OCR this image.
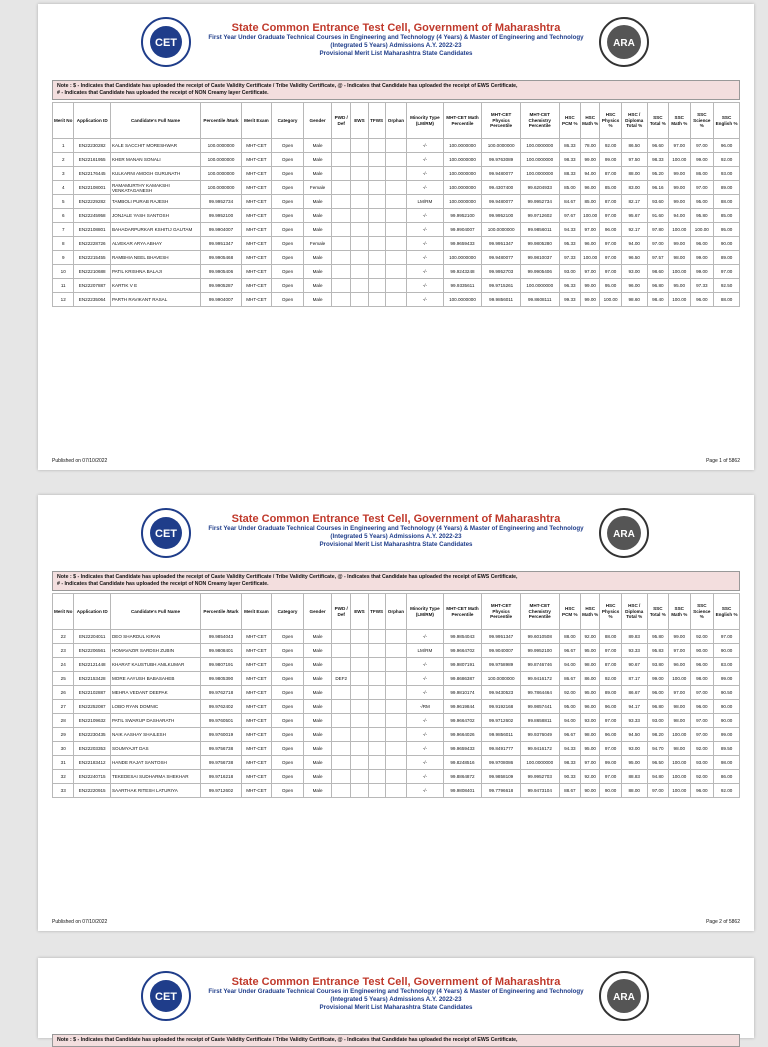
CET
State Common Entrance Test Cell, Government of Maharashtra
First Year Under Graduate Technical Courses in Engineering and Technology (4 Years) & Master of Engineering and Technology
(Integrated 5 Years) Admissions A.Y. 2022-23
Provisional Merit List Maharashtra State Candidates
ARA
Note : $ - Indicates that Candidate has uploaded the receipt of Caste Validity Certificate / Tribe Validity Certificate, @ - Indicates that Candidate has uploaded the receipt of EWS Certificate,
# - Indicates that Candidate has uploaded the receipt of NON Creamy layer Certificate.
Merit No	Application ID	Candidate's Full Name	Percentile /Mark	Merit Exam	Category	Gender	PWD / Def	EWS	TFWS	Orphan	Minority Type (LM/RM)	MHT-CET Math Percentile	MHT-CET Physics Percentile	MHT-CET Chemistry Percentile	HSC PCM %	HSC Math %	HSC Physics %	HSC / Diploma Total %	SSC Total %	SSC Math %	SSC Science %	SSC English %
1	EN22230282	KALE SACCHIT MORESHWAR	100.0000000	MHT-CET	Open	Male					-/-	100.0000000	100.0000000	100.0000000	86.33	78.00	92.00	86.50	96.60	97.00	97.00	96.00
2	EN22161955	KHER MANAN SONALI	100.0000000	MHT-CET	Open	Male					-/-	100.0000000	99.9763089	100.0000000	98.33	99.00	99.00	97.50	98.33	100.00	99.00	92.00
3	EN22176445	KULKARNI AMOGH GURUNATH	100.0000000	MHT-CET	Open	Male					-/-	100.0000000	99.9480077	100.0000000	88.33	94.00	87.00	88.00	95.20	99.00	86.00	93.00
4	EN22108001	RAMAMURTHY KAMAKSHI VENKATAGANESH	100.0000000	MHT-CET	Open	Female					-/-	100.0000000	99.4307400	99.6204933	85.00	96.00	85.00	83.00	96.16	99.00	97.00	89.00
5	EN22229282	TAMBOLI PURAB RAJESH	99.9952734	MHT-CET	Open	Male					LM/RM	100.0000000	99.9480077	99.9952734	84.67	85.00	87.00	82.17	93.60	99.00	95.00	88.00
6	EN22245958	JONJALE YASH SANTOSH	99.9952100	MHT-CET	Open	Male					-/-	99.9952100	99.9952100	99.9712602	97.67	100.00	97.00	95.67	91.60	94.00	95.80	85.00
7	EN22108801	BAHADARPURKAR KSHITIJ GAUTAM	99.9904007	MHT-CET	Open	Male					-/-	99.9904007	100.0000000	99.9856011	94.33	97.00	96.00	92.17	97.80	100.00	100.00	95.00
8	EN22228726	ALVEKAR ARYA ABHAY	99.9951347	MHT-CET	Open	Female					-/-	99.9659433	99.9951347	99.9805280	95.33	96.00	97.00	94.00	97.00	99.00	96.00	90.00
9	EN22215455	RAMBHIA NEEL BHAVESH	99.9905468	MHT-CET	Open	Male					-/-	100.0000000	99.9480077	99.9810037	97.33	100.00	97.00	96.50	97.57	98.00	99.00	89.00
10	EN22210688	PATIL KRISHNA BALAJI	99.9905406	MHT-CET	Open	Male					-/-	99.9243248	99.9952703	99.9905406	93.00	97.00	97.00	93.00	98.60	100.00	99.00	97.00
11	EN22207887	KARTIK V E	99.9905287	MHT-CET	Open	Male					-/-	99.9335611	99.9715261	100.0000000	96.33	99.00	95.00	96.00	96.80	95.00	97.33	92.50
12	EN22235064	PARTH RAVIKANT RASAL	99.9904007	MHT-CET	Open	Male					-/-	100.0000000	99.9856011	99.8608111	99.33	99.00	100.00	98.60	98.40	100.00	96.00	88.00
Published on 07/10/2022	Page 1 of 5862
CET
State Common Entrance Test Cell, Government of Maharashtra
First Year Under Graduate Technical Courses in Engineering and Technology (4 Years) & Master of Engineering and Technology
(Integrated 5 Years) Admissions A.Y. 2022-23
Provisional Merit List Maharashtra State Candidates
ARA
Note : $ - Indicates that Candidate has uploaded the receipt of Caste Validity Certificate / Tribe Validity Certificate, @ - Indicates that Candidate has uploaded the receipt of EWS Certificate,
# - Indicates that Candidate has uploaded the receipt of NON Creamy layer Certificate.
Merit No	Application ID	Candidate's Full Name	Percentile /Mark	Merit Exam	Category	Gender	PWD / Def	EWS	TFWS	Orphan	Minority Type (LM/RM)	MHT-CET Math Percentile	MHT-CET Physics Percentile	MHT-CET Chemistry Percentile	HSC PCM %	HSC Math %	HSC Physics %	HSC / Diploma Total %	SSC Total %	SSC Math %	SSC Science %	SSC English %
22	EN22204011	DEO SHARDUL KIRAN	99.9854043	MHT-CET	Open	Male					-/-	99.9854043	99.9951347	99.6010508	88.00	92.00	88.00	89.83	95.80	99.00	92.00	97.00
23	EN22206561	HOMAVAZIR SARDSH ZUBIN	99.9808401	MHT-CET	Open	Male					LM/RM	99.9664702	99.9040007	99.9952100	96.67	95.00	97.00	93.33	95.83	97.00	90.00	90.00
24	EN22121448	KHARAT KAUSTUBH ANILKUMAR	99.9807191	MHT-CET	Open	Male					-/-	99.9807191	99.9758989	99.8746746	94.00	98.00	87.00	90.67	93.80	96.00	96.00	83.00
25	EN22153428	MORE AAYUSH BABASAHEB	99.9805390	MHT-CET	Open	Male	DEF2				-/-	99.8686387	100.0000000	99.9416172	86.67	86.00	92.00	87.17	99.00	100.00	98.00	99.00
26	EN22102887	MEHRA VEDANT DEEPAK	99.9762718	MHT-CET	Open	Male					-/-	99.9810174	99.9430523	99.7864464	92.00	95.00	89.00	86.67	96.00	97.00	97.00	90.50
27	EN22252087	LOBO RYAN DOMNIC	99.9762402	MHT-CET	Open	Male					-/RM	99.9619844	99.9192168	99.9857441	95.00	96.00	96.00	94.17	96.80	98.00	96.00	90.00
28	EN22109632	PATIL SWARUP DASHARATH	99.9760501	MHT-CET	Open	Male					-/-	99.9664702	99.9712602	99.8658811	94.00	93.00	97.00	93.33	93.00	98.00	97.00	90.00
29	EN22230435	NAIK AASHAY SHAILESH	99.9760019	MHT-CET	Open	Male					-/-	99.9664026	99.9856011	99.9376049	96.67	98.00	96.00	94.50	98.20	100.00	97.00	99.00
30	EN22203353	SOUMYAJIT DAS	99.9756738	MHT-CET	Open	Male					-/-	99.9659433	99.8491777	99.9416172	94.33	95.00	97.00	93.00	94.70	98.00	92.00	89.50
31	EN22183412	HANDE RAJAT SANTOSH	99.9756738	MHT-CET	Open	Male					-/-	99.8248516	99.9708086	100.0000000	98.33	97.00	99.00	95.00	96.50	100.00	93.00	98.00
32	EN22240715	TEKEDESAI SUDHARMA SHEKHAR	99.9716218	MHT-CET	Open	Male					-/-	99.8864872	99.9858109	99.9952703	90.33	92.00	97.00	88.83	94.80	100.00	92.00	86.00
33	EN22220915	SAARTHAK RITESH LATURIYA	99.9712602	MHT-CET	Open	Male					-/-	99.9808401	99.7796618	99.9473104	88.67	90.00	90.00	88.00	97.00	100.00	96.00	92.00
Published on 07/10/2022	Page 2 of 5862
CET
State Common Entrance Test Cell, Government of Maharashtra
First Year Under Graduate Technical Courses in Engineering and Technology (4 Years) & Master of Engineering and Technology
(Integrated 5 Years) Admissions A.Y. 2022-23
Provisional Merit List Maharashtra State Candidates
ARA
Note : $ - Indicates that Candidate has uploaded the receipt of Caste Validity Certificate / Tribe Validity Certificate, @ - Indicates that Candidate has uploaded the receipt of EWS Certificate,
